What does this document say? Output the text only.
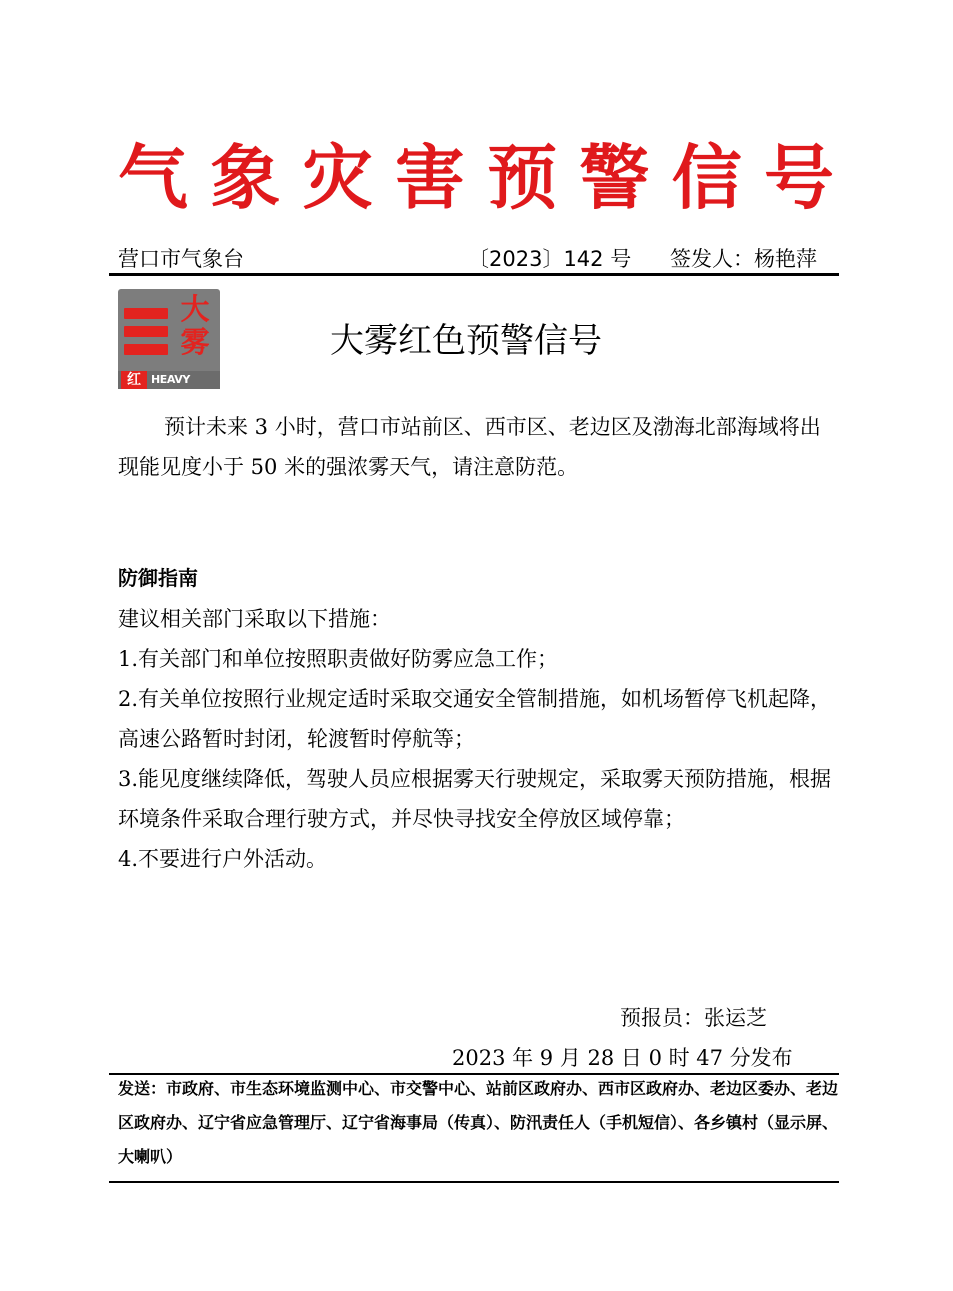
气 象 灾 害 预 警 信 号
营口市气象台	〔2023〕142 号 签发人：杨艳萍
大
雾
红 HEAVY FOG
大雾红色预警信号
预计未来 3 小时，营口市站前区、西市区、老边区及渤海北部海域将出现能见度小于 50 米的强浓雾天气，请注意防范。
防御指南
建议相关部门采取以下措施：
1.有关部门和单位按照职责做好防雾应急工作；
2.有关单位按照行业规定适时采取交通安全管制措施，如机场暂停飞机起降，高速公路暂时封闭，轮渡暂时停航等；
3.能见度继续降低，驾驶人员应根据雾天行驶规定，采取雾天预防措施，根据环境条件采取合理行驶方式，并尽快寻找安全停放区域停靠；
4.不要进行户外活动。
预报员：张运芝
2023 年 9 月 28 日 0 时 47 分发布
发送：市政府、市生态环境监测中心、市交警中心、站前区政府办、西市区政府办、老边区委办、老边区政府办、辽宁省应急管理厅、辽宁省海事局（传真）、防汛责任人（手机短信）、各乡镇村（显示屏、大喇叭）
